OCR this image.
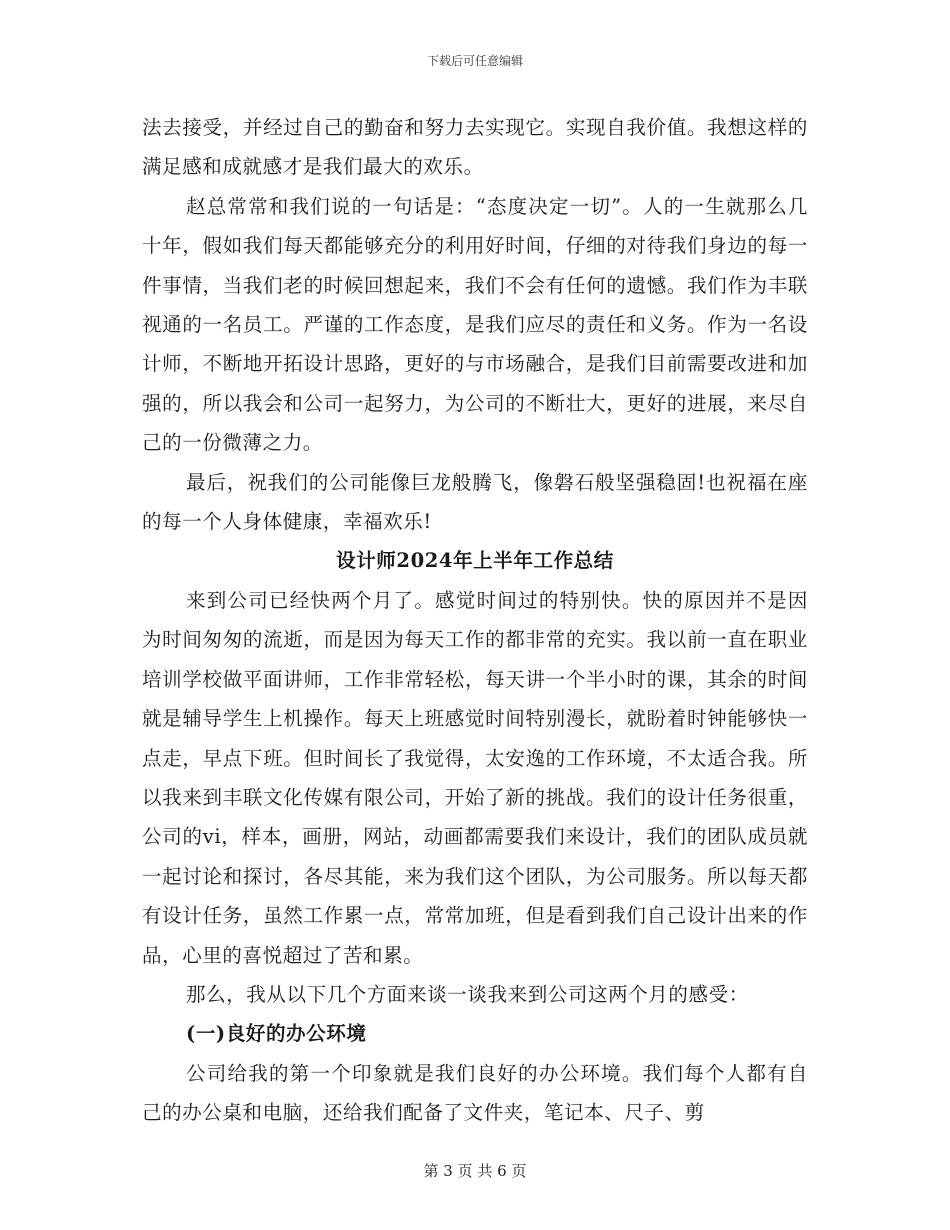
下载后可任意编辑

法去接受，并经过自己的勤奋和努力去实现它。实现自我价值。我想这样的满足感和成就感才是我们最大的欢乐。

赵总常常和我们说的一句话是：“态度决定一切”。人的一生就那么几十年，假如我们每天都能够充分的利用好时间，仔细的对待我们身边的每一件事情，当我们老的时候回想起来，我们不会有任何的遗憾。我们作为丰联视通的一名员工。严谨的工作态度，是我们应尽的责任和义务。作为一名设计师，不断地开拓设计思路，更好的与市场融合，是我们目前需要改进和加强的，所以我会和公司一起努力，为公司的不断壮大，更好的进展，来尽自己的一份微薄之力。

最后，祝我们的公司能像巨龙般腾飞，像磐石般坚强稳固!也祝福在座的每一个人身体健康，幸福欢乐!

设计师2024年上半年工作总结

来到公司已经快两个月了。感觉时间过的特别快。快的原因并不是因为时间匆匆的流逝，而是因为每天工作的都非常的充实。我以前一直在职业培训学校做平面讲师，工作非常轻松，每天讲一个半小时的课，其余的时间就是辅导学生上机操作。每天上班感觉时间特别漫长，就盼着时钟能够快一点走，早点下班。但时间长了我觉得，太安逸的工作环境，不太适合我。所以我来到丰联文化传媒有限公司，开始了新的挑战。我们的设计任务很重，公司的vi，样本，画册，网站，动画都需要我们来设计，我们的团队成员就一起讨论和探讨，各尽其能，来为我们这个团队，为公司服务。所以每天都有设计任务，虽然工作累一点，常常加班，但是看到我们自己设计出来的作品，心里的喜悦超过了苦和累。

那么，我从以下几个方面来谈一谈我来到公司这两个月的感受：

(一)良好的办公环境

公司给我的第一个印象就是我们良好的办公环境。我们每个人都有自己的办公桌和电脑，还给我们配备了文件夹，笔记本、尺子、剪

第 3 页 共 6 页
